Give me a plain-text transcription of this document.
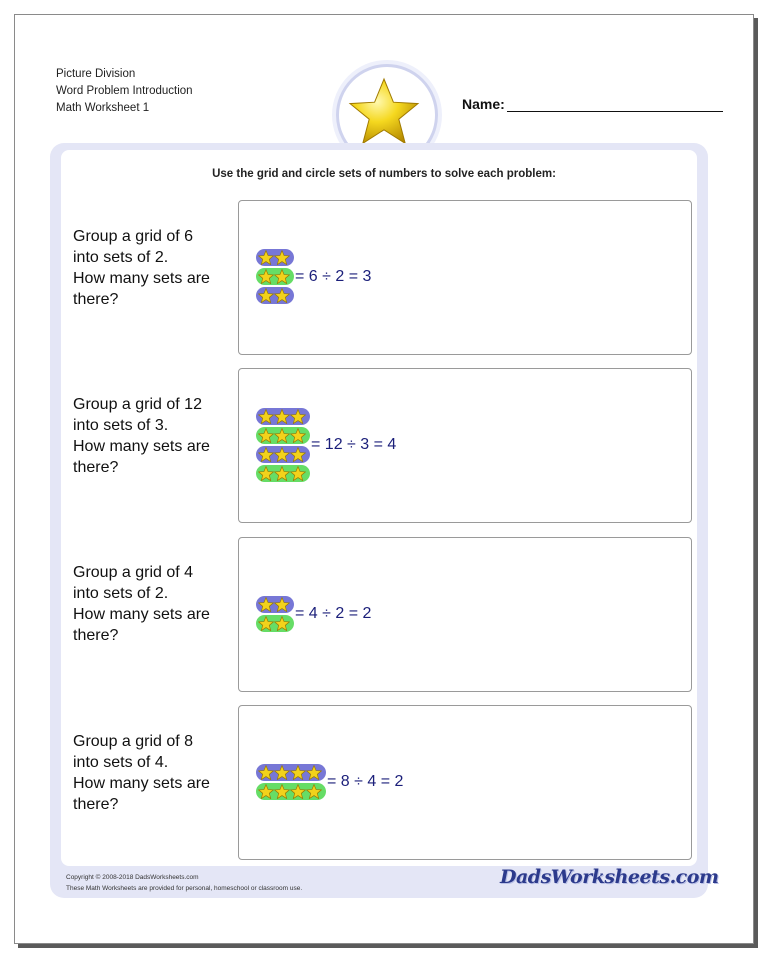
Picture Division
Word Problem Introduction
Math Worksheet 1	Name:
Use the grid and circle sets of numbers to solve each problem:
Group a grid of 6
into sets of 2.
How many sets are
there?
= 6 ÷ 2 = 3
Group a grid of 12
into sets of 3.
How many sets are
there?
= 12 ÷ 3 = 4
Group a grid of 4
into sets of 2.
How many sets are
there?
= 4 ÷ 2 = 2
Group a grid of 8
into sets of 4.
How many sets are
there?
= 8 ÷ 4 = 2
Copyright © 2008-2018 DadsWorksheets.com
These Math Worksheets are provided for personal, homeschool or classroom use.
DadsWorksheets.com
